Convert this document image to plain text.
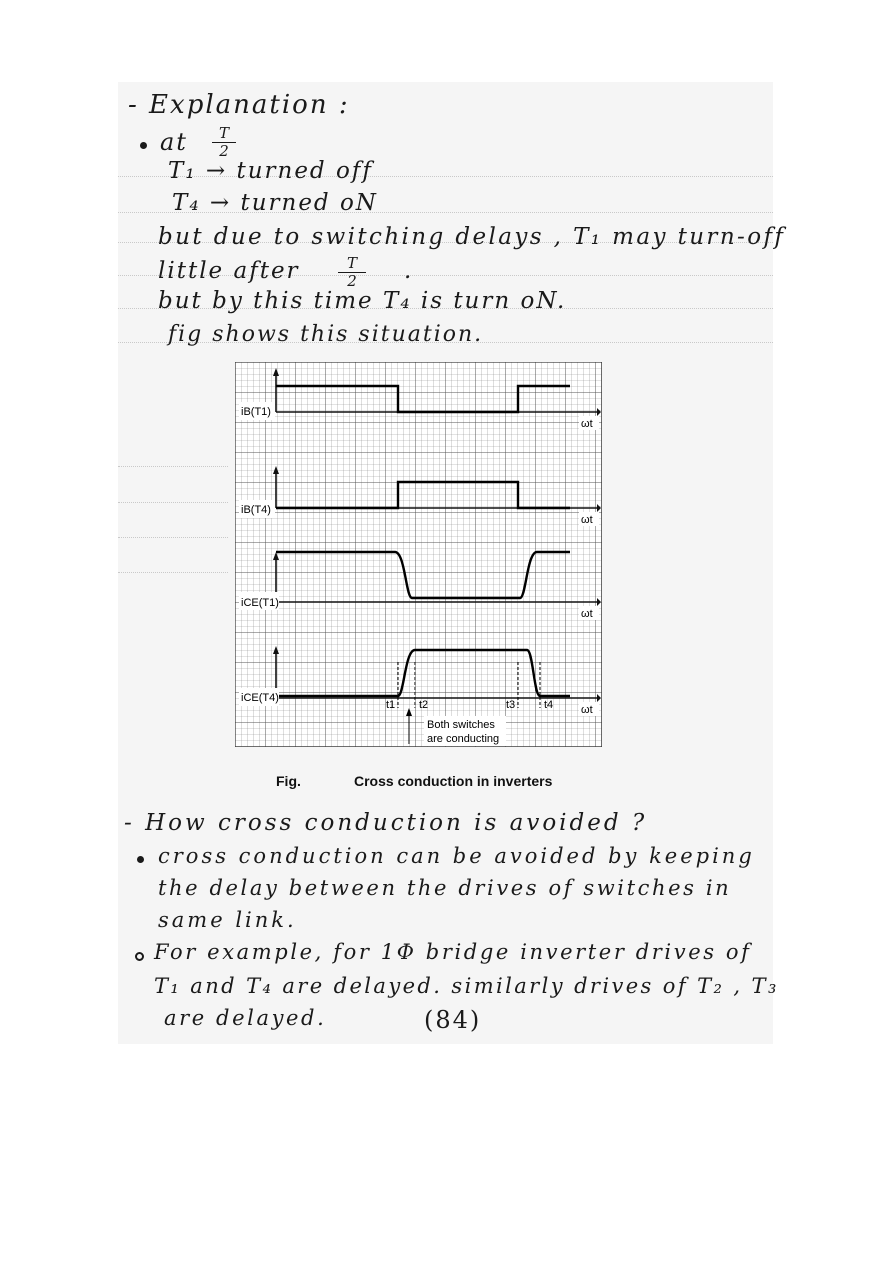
- Explanation :
at	T
2
T₁ → turned off
T₄ → turned oN
but due to switching delays , T₁ may turn-off
little after	T
2	.
but by this time T₄ is turn oN.
fig shows this situation.
iB(T1)
iB(T4)
iCE(T1)
iCE(T4)
ωt
ωt
ωt
ωt
t1 t2	t3	t4
Both switches
are conducting
Fig.	Cross conduction in inverters
- How cross conduction is avoided ?
cross conduction can be avoided by keeping
the delay between the drives of switches in
same link.
For example, for 1Φ bridge inverter drives of
T₁ and T₄ are delayed. similarly drives of T₂ , T₃
are delayed.	(84)
